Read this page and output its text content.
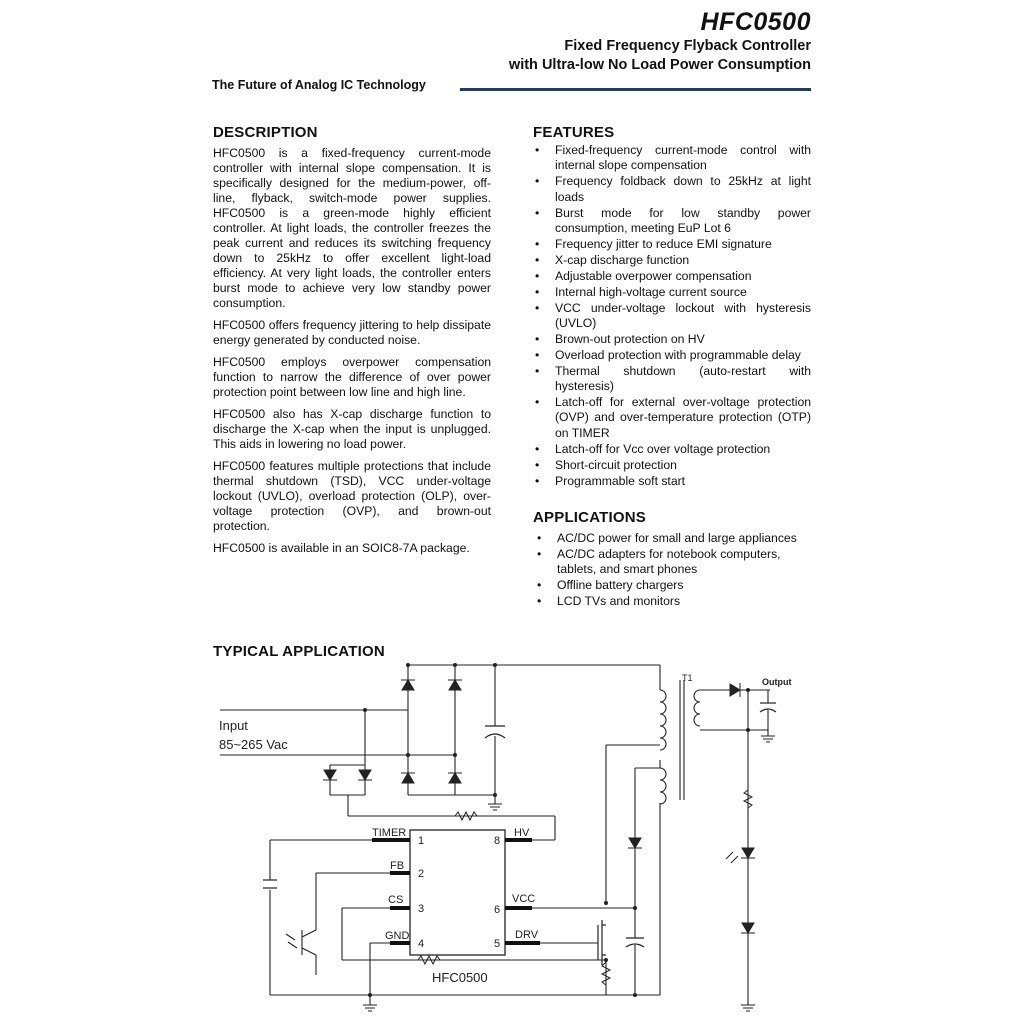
HFC0500
Fixed Frequency Flyback Controller
with Ultra-low No Load Power Consumption
The Future of Analog IC Technology
DESCRIPTION

HFC0500 is a fixed-frequency current-mode controller with internal slope compensation. It is specifically designed for the medium-power, off-line, flyback, switch-mode power supplies. HFC0500 is a green-mode highly efficient controller. At light loads, the controller freezes the peak current and reduces its switching frequency down to 25kHz to offer excellent light-load efficiency. At very light loads, the controller enters burst mode to achieve very low standby power consumption.

HFC0500 offers frequency jittering to help dissipate energy generated by conducted noise.

HFC0500 employs overpower compensation function to narrow the difference of over power protection point between low line and high line.

HFC0500 also has X-cap discharge function to discharge the X-cap when the input is unplugged. This aids in lowering no load power.

HFC0500 features multiple protections that include thermal shutdown (TSD), VCC under-voltage lockout (UVLO), overload protection (OLP), over-voltage protection (OVP), and brown-out protection.

HFC0500 is available in an SOIC8-7A package.

FEATURES
• Fixed-frequency current-mode control with internal slope compensation
• Frequency foldback down to 25kHz at light loads
• Burst mode for low standby power consumption, meeting EuP Lot 6
• Frequency jitter to reduce EMI signature
• X-cap discharge function
• Adjustable overpower compensation
• Internal high-voltage current source
• VCC under-voltage lockout with hysteresis (UVLO)
• Brown-out protection on HV
• Overload protection with programmable delay
• Thermal shutdown (auto-restart with hysteresis)
• Latch-off for external over-voltage protection (OVP) and over-temperature protection (OTP) on TIMER
• Latch-off for Vcc over voltage protection
• Short-circuit protection
• Programmable soft start
APPLICATIONS
• AC/DC power for small and large appliances
• AC/DC adapters for notebook computers, tablets, and smart phones
• Offline battery chargers
• LCD TVs and monitors
TYPICAL APPLICATION
Input
85~265 Vac
T1	Output
HFC0500
TIMER
1
FB
2
CS
3
GND
4
HV
8
VCC
6
DRV
5
